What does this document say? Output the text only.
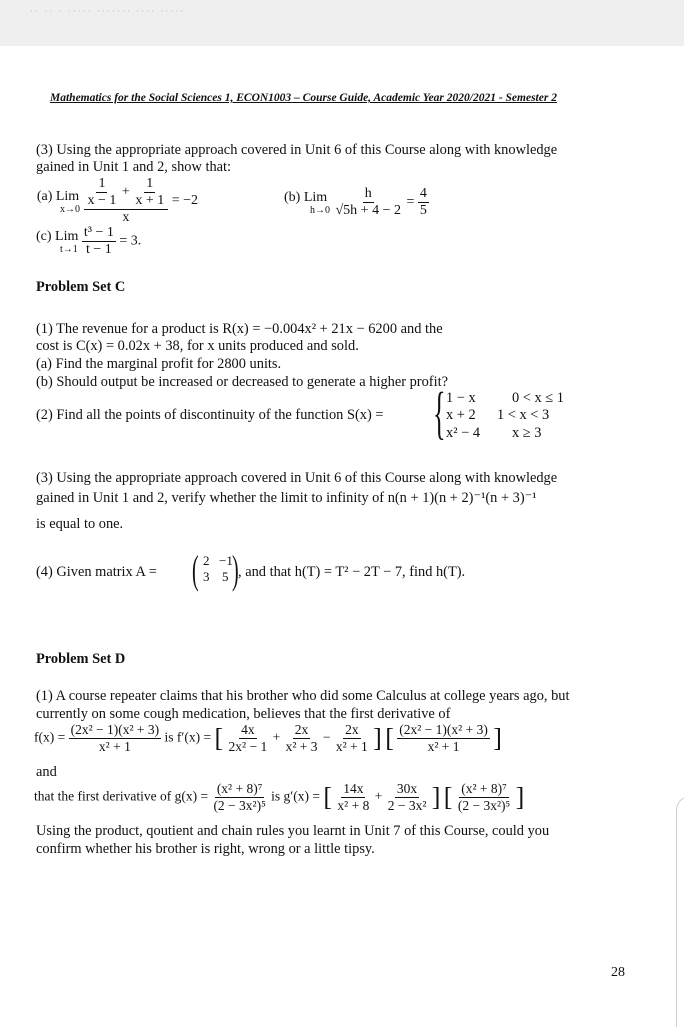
·· ·· · ····· ······· ···· ·····
Mathematics for the Social Sciences 1, ECON1003 – Course Guide, Academic Year 2020/2021 - Semester 2
(3) Using the appropriate approach covered in Unit 6 of this Course along with knowledge
gained in Unit 1 and 2, show that:
(a) Lim
x→0
$\frac{\frac{1}{x - 1} + \frac{1}{x + 1}}{x} = -2$	(b) Lim
h→0
$\frac{h}{√5h + 4 - 2} = \frac{4}{5}$
(c) Lim
t→1
$\frac{\text{t³ − 1}}{t - 1} = 3$.
Problem Set C
(1) The revenue for a product is R(x) = −0.004x² + 21x − 6200 and the
cost is C(x) = 0.02x + 38, for x units produced and sold.
(a) Find the marginal profit for 2800 units.
(b) Should output be increased or decreased to generate a higher profit?
(2) Find all the points of discontinuity of the function S(x) = { 1 − x	0 < x ≤ 1
x + 2 1 < x < 3
x² − 4 x ≥ 3
(3) Using the appropriate approach covered in Unit 6 of this Course along with knowledge
gained in Unit 1 and 2, verify whether the limit to infinity of n(n + 1)(n + 2)⁻¹(n + 3)⁻¹
is equal to one.
(4) Given matrix A = ( 2 −1
3 5 ) , and that h(T) = T² − 2T − 7, find h(T).
Problem Set D
(1) A course repeater claims that his brother who did some Calculus at college years ago, but
currently on some cough medication, believes that the first derivative of
$f(x) = \frac{\text{(2x² − 1)(x² + 3)}}{\text{x² + 1}}$ is f′(x) = [ $\frac{4x}{\text{2x² − 1}} + \frac{2x}{\text{x² + 3}} - \frac{2x}{\text{x² + 1}}$ ] [ $\frac{\text{(2x² − 1)(x² + 3)}}{\text{x² + 1}}$ ]
and
that the first derivative of $g(x) = \frac{\text{(x² + 8)⁷}}{\text{(2 − 3x²)⁵}}$ is g′(x) = [ $\frac{14x}{\text{x² + 8}} + \frac{30x}{\text{2 − 3x²}}$ ] [ $\frac{\text{(x² + 8)⁷}}{\text{(2 − 3x²)⁵}}$ ]
Using the product, qoutient and chain rules you learnt in Unit 7 of this Course, could you
confirm whether his brother is right, wrong or a little tipsy.
28
